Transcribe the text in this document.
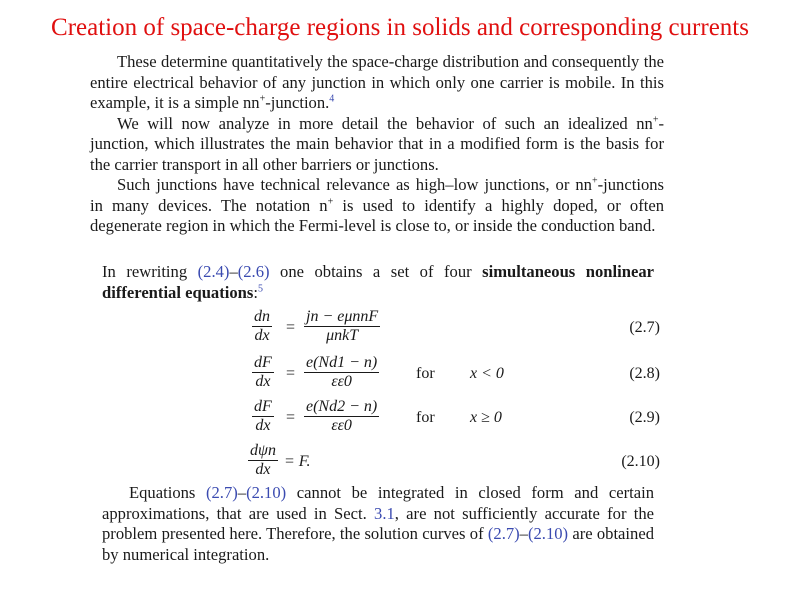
Creation of space-charge regions in solids and corresponding currents
These determine quantitatively the space-charge distribution and consequently the entire electrical behavior of any junction in which only one carrier is mobile. In this example, it is a simple nn+-junction.$^4$
We will now analyze in more detail the behavior of such an idealized nn+-junction, which illustrates the main behavior that in a modified form is the basis for the carrier transport in all other barriers or junctions.
Such junctions have technical relevance as high–low junctions, or nn+-junctions in many devices. The notation n+ is used to identify a highly doped, or often degenerate region in which the Fermi-level is close to, or inside the conduction band.
In rewriting (2.4)–(2.6) one obtains a set of four simultaneous nonlinear differential equations:$^5$
$\frac{dn}{dx}$ =
jn − eμnnF
μnkT	(2.7)
$\frac{dF}{dx} = \frac{e(Nd1 - n)}{\varepsilon\varepsilon 0}$ for x < 0	(2.8)
$\frac{dF}{dx} = \frac{e(Nd2 - n)}{\varepsilon\varepsilon 0}$ for x ≥ 0	(2.9)
dψn
dx = F.	(2.10)
Equations (2.7)–(2.10) cannot be integrated in closed form and certain approximations, that are used in Sect. 3.1, are not sufficiently accurate for the problem presented here. Therefore, the solution curves of (2.7)–(2.10) are obtained by numerical integration.
